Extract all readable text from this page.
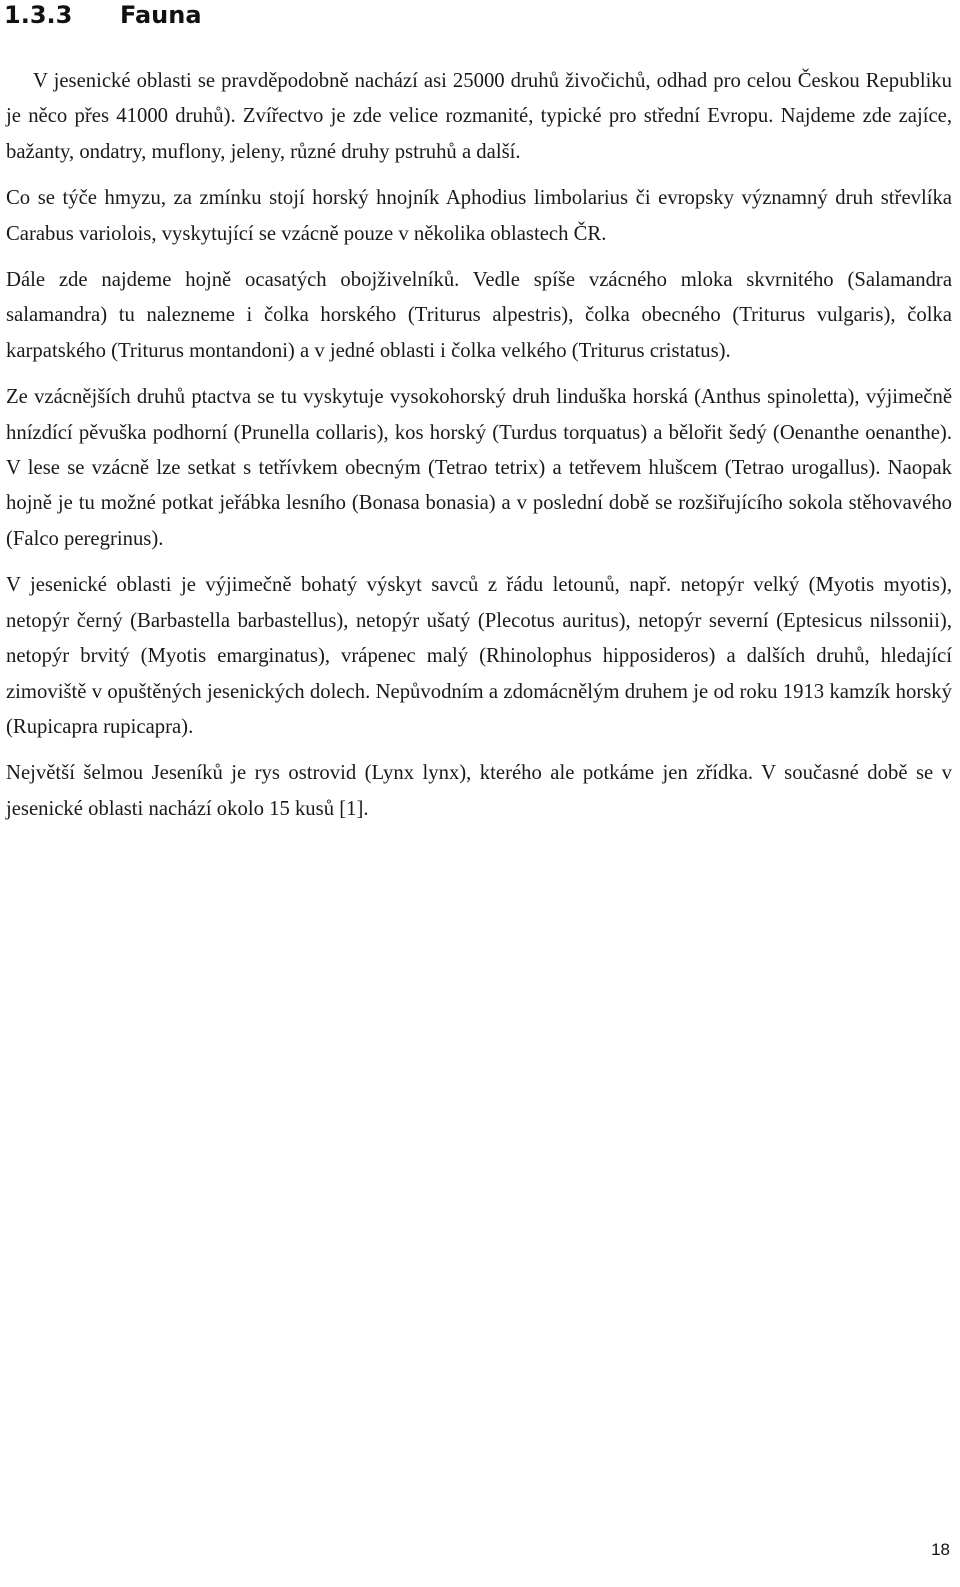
1.3.3 Fauna

V jesenické oblasti se pravděpodobně nachází asi 25000 druhů živočichů, odhad pro celou Českou Republiku je něco přes 41000 druhů). Zvířectvo je zde velice rozmanité, typické pro střední Evropu. Najdeme zde zajíce, bažanty, ondatry, muflony, jeleny, různé druhy pstruhů a další.

Co se týče hmyzu, za zmínku stojí horský hnojník Aphodius limbolarius či evropsky významný druh střevlíka Carabus variolois, vyskytující se vzácně pouze v několika oblastech ČR.

Dále zde najdeme hojně ocasatých obojživelníků. Vedle spíše vzácného mloka skvrnitého (Salamandra salamandra) tu nalezneme i čolka horského (Triturus alpestris), čolka obecného (Triturus vulgaris), čolka karpatského (Triturus montandoni) a v jedné oblasti i čolka velkého (Triturus cristatus).

Ze vzácnějších druhů ptactva se tu vyskytuje vysokohorský druh linduška horská (Anthus spinoletta), výjimečně hnízdící pěvuška podhorní (Prunella collaris), kos horský (Turdus torquatus) a bělořit šedý (Oenanthe oenanthe). V lese se vzácně lze setkat s tetřívkem obecným (Tetrao tetrix) a tetřevem hlušcem (Tetrao urogallus). Naopak hojně je tu možné potkat jeřábka lesního (Bonasa bonasia) a v poslední době se rozšiřujícího sokola stěhovavého (Falco peregrinus).

V jesenické oblasti je výjimečně bohatý výskyt savců z řádu letounů, např. netopýr velký (Myotis myotis), netopýr černý (Barbastella barbastellus), netopýr ušatý (Plecotus auritus), netopýr severní (Eptesicus nilssonii), netopýr brvitý (Myotis emarginatus), vrápenec malý (Rhinolophus hipposideros) a dalších druhů, hledající zimoviště v opuštěných jesenických dolech. Nepůvodním a zdomácnělým druhem je od roku 1913 kamzík horský (Rupicapra rupicapra).

Největší šelmou Jeseníků je rys ostrovid (Lynx lynx), kterého ale potkáme jen zřídka. V současné době se v jesenické oblasti nachází okolo 15 kusů [1].

18
